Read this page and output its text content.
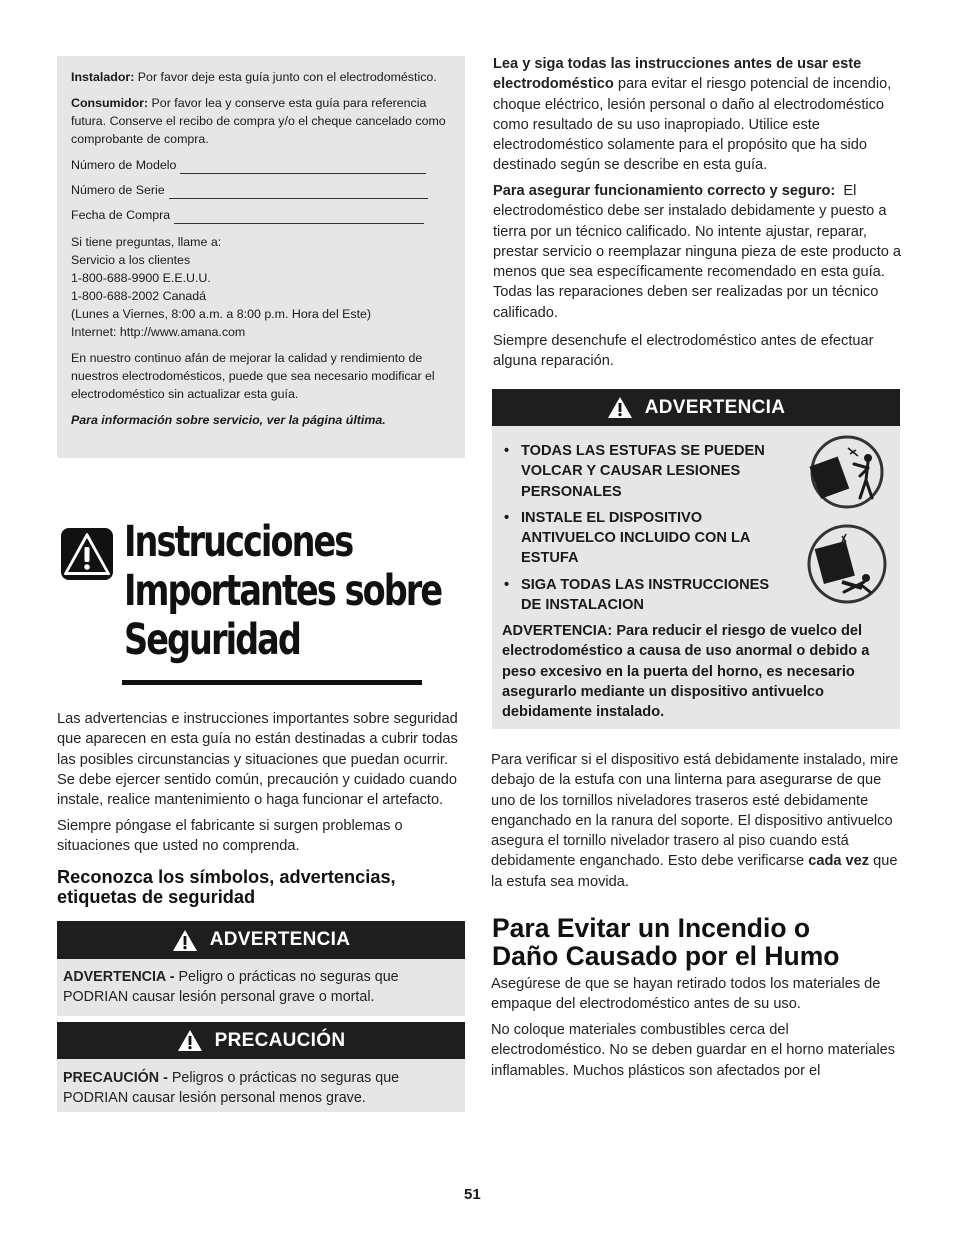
Instalador: Por favor deje esta guía junto con el electrodoméstico.

Consumidor: Por favor lea y conserve esta guía para referencia futura. Conserve el recibo de compra y/o el cheque cancelado como comprobante de compra.

Número de Modelo
Número de Serie
Fecha de Compra

Si tiene preguntas, llame a:
Servicio a los clientes
1-800-688-9900 E.E.U.U.
1-800-688-2002 Canadá
(Lunes a Viernes, 8:00 a.m. a 8:00 p.m. Hora del Este)
Internet: http://www.amana.com

En nuestro continuo afán de mejorar la calidad y rendimiento de nuestros electrodomésticos, puede que sea necesario modificar el electrodoméstico sin actualizar esta guía.

Para información sobre servicio, ver la página última.

Instrucciones
Importantes sobre
Seguridad
Las advertencias e instrucciones importantes sobre seguridad que aparecen en esta guía no están destinadas a cubrir todas las posibles circunstancias y situaciones que puedan ocurrir. Se debe ejercer sentido común, precaución y cuidado cuando instale, realice mantenimiento o haga funcionar el artefacto.
Siempre póngase el fabricante si surgen problemas o situaciones que usted no comprenda.
Reconozca los símbolos, advertencias, etiquetas de seguridad
ADVERTENCIA
ADVERTENCIA - Peligro o prácticas no seguras que PODRIAN causar lesión personal grave o mortal.
PRECAUCIÓN
PRECAUCIÓN - Peligros o prácticas no seguras que PODRIAN causar lesión personal menos grave.
Lea y siga todas las instrucciones antes de usar este electrodoméstico para evitar el riesgo potencial de incendio, choque eléctrico, lesión personal o daño al electrodoméstico como resultado de su uso inapropiado. Utilice este electrodoméstico solamente para el propósito que ha sido destinado según se describe en esta guía.
Para asegurar funcionamiento correcto y seguro: El electrodoméstico debe ser instalado debidamente y puesto a tierra por un técnico calificado. No intente ajustar, reparar, prestar servicio o reemplazar ninguna pieza de este producto a menos que sea específicamente recomendado en esta guía. Todas las reparaciones deben ser realizadas por un técnico calificado.
Siempre desenchufe el electrodoméstico antes de efectuar alguna reparación.
ADVERTENCIA
• TODAS LAS ESTUFAS SE PUEDEN VOLCAR Y CAUSAR LESIONES PERSONALES
• INSTALE EL DISPOSITIVO ANTIVUELCO INCLUIDO CON LA ESTUFA
• SIGA TODAS LAS INSTRUCCIONES DE INSTALACION
ADVERTENCIA: Para reducir el riesgo de vuelco del electrodoméstico a causa de uso anormal o debido a peso excesivo en la puerta del horno, es necesario asegurarlo mediante un dispositivo antivuelco debidamente instalado.
Para verificar si el dispositivo está debidamente instalado, mire debajo de la estufa con una linterna para asegurarse de que uno de los tornillos niveladores traseros esté debidamente enganchado en la ranura del soporte. El dispositivo antivuelco asegura el tornillo nivelador trasero al piso cuando está debidamente enganchado. Esto debe verificarse cada vez que la estufa sea movida.
Para Evitar un Incendio o
Daño Causado por el Humo
Asegúrese de que se hayan retirado todos los materiales de empaque del electrodoméstico antes de su uso.
No coloque materiales combustibles cerca del electrodoméstico. No se deben guardar en el horno materiales inflamables. Muchos plásticos son afectados por el
51
